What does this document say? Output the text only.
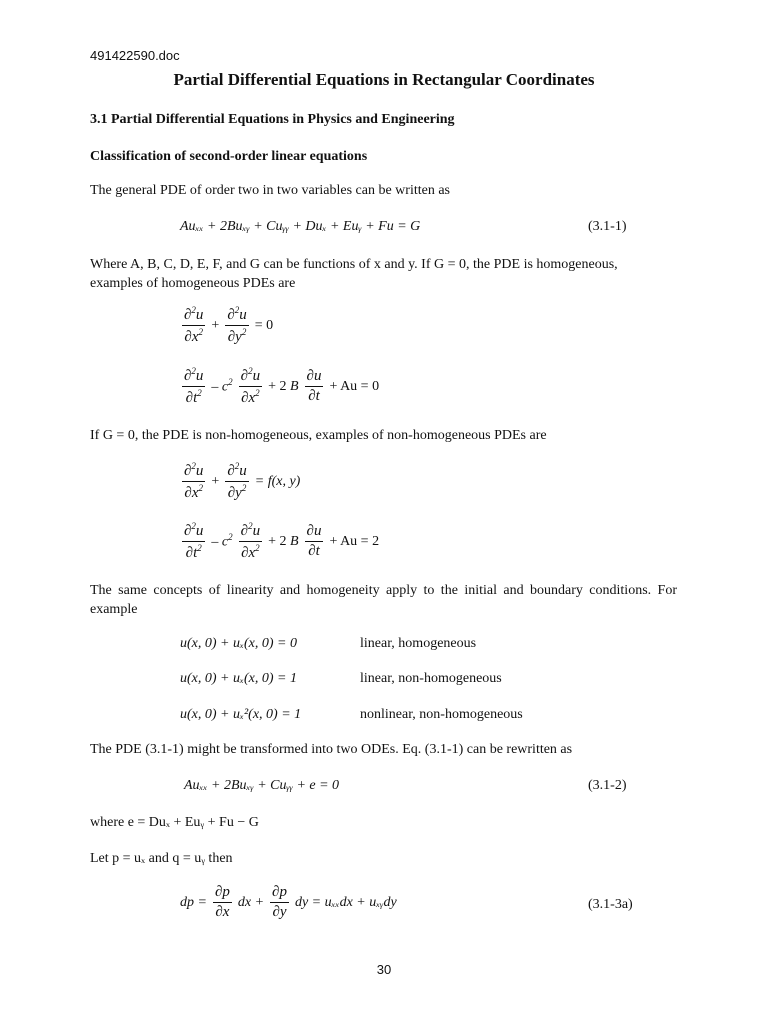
491422590.doc
Partial Differential Equations in Rectangular Coordinates
3.1 Partial Differential Equations in Physics and Engineering
Classification of second-order linear equations
The general PDE of order two in two variables can be written as
Auₓₓ + 2Buₓᵧ + Cuᵧᵧ + Duₓ + Euᵧ + Fu = G	(3.1-1)
Where A, B, C, D, E, F, and G can be functions of x and y. If G = 0, the PDE is homogeneous,
examples of homogeneous PDEs are
$\frac{\partial^2u}{\partial x^2} + \frac{\partial^2u}{\partial y^2} = 0$
$\frac{\partial^2u}{\partial t^2} - c^2 \frac{\partial^2u}{\partial x^2} + 2$ B $\frac{\partial u}{\partial t} + Au = 0$
If G = 0, the PDE is non-homogeneous, examples of non-homogeneous PDEs are
$\frac{\partial^2u}{\partial x^2} + \frac{\partial^2u}{\partial y^2} = f(x$, y)
$\frac{\partial^2u}{\partial t^2} - c^2 \frac{\partial^2u}{\partial x^2} + 2$ B $\frac{\partial u}{\partial t} + Au = 2$
The same concepts of linearity and homogeneity apply to the initial and boundary conditions. For example
u(x, 0) + uₓ(x, 0) = 0	linear, homogeneous
u(x, 0) + uₓ(x, 0) = 1	linear, non-homogeneous
u(x, 0) + uₓ²(x, 0) = 1	nonlinear, non-homogeneous
The PDE (3.1-1) might be transformed into two ODEs. Eq. (3.1-1) can be rewritten as
Auₓₓ + 2Buₓᵧ + Cuᵧᵧ + e = 0	(3.1-2)
where e = Duₓ + Euᵧ + Fu − G
Let p = uₓ and q = uᵧ then
dp = $\frac{\partial p}{\partial x}$ dx + $\frac{\partial p}{\partial y}$ dy = uₓₓdx + uₓᵧdy	(3.1-3a)
30
